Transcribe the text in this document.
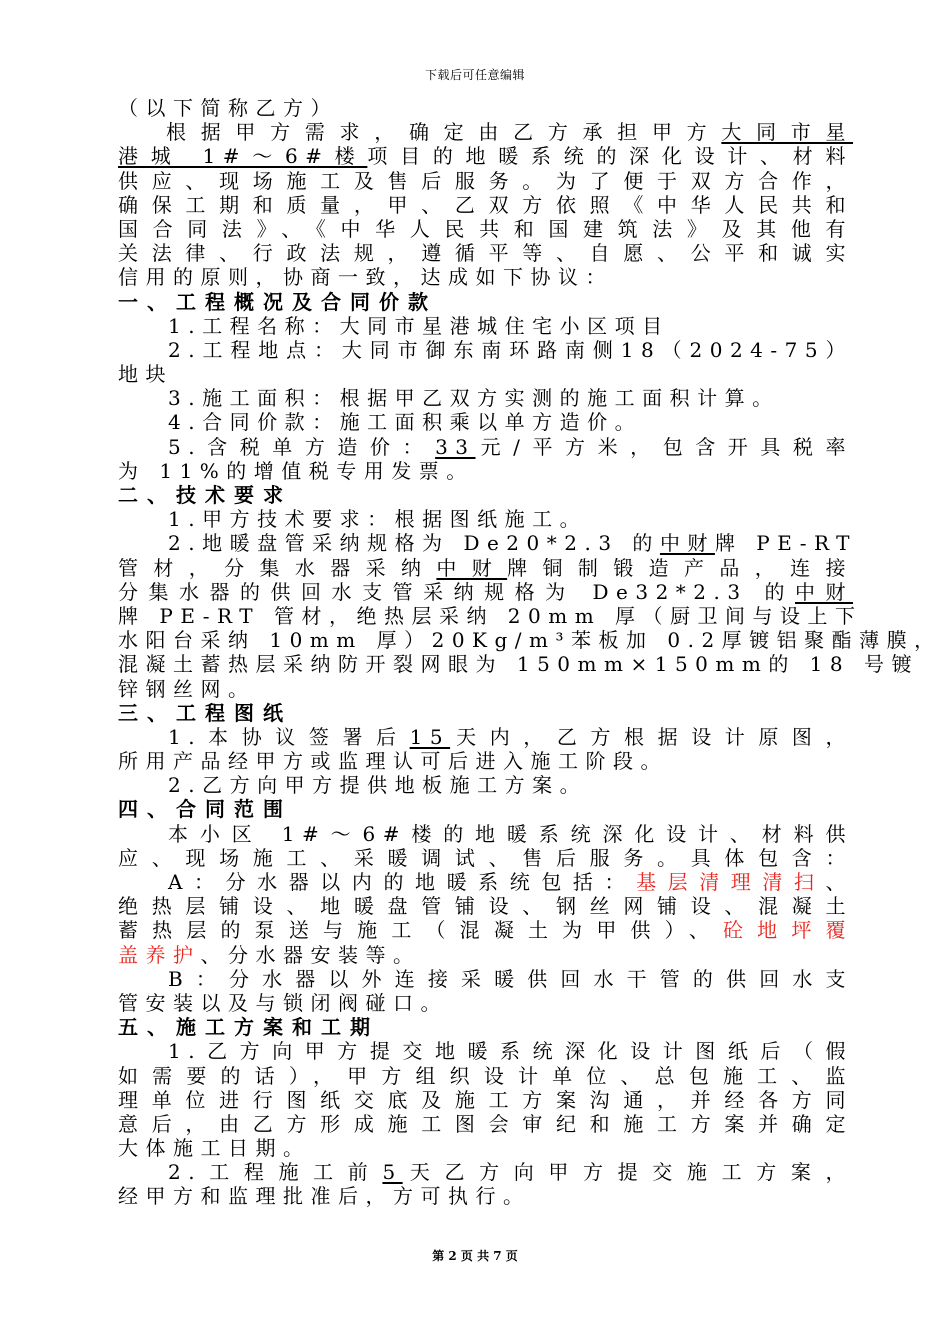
下载后可任意编辑
（以下简称乙方）
根据甲方需求，确定由乙方承担甲方大同市星
港城 1#～6#楼项目的地暖系统的深化设计、材料
供应、现场施工及售后服务。为了便于双方合作，
确保工期和质量，甲、乙双方依照《中华人民共和
国合同法》、《中华人民共和国建筑法》及其他有
关法律、行政法规，遵循平等、自愿、公平和诚实
信用的原则，协商一致，达成如下协议：
一、工程概况及合同价款
1.工程名称：大同市星港城住宅小区项目
2.工程地点：大同市御东南环路南侧18（2024-75）
地块
3.施工面积：根据甲乙双方实测的施工面积计算。
4.合同价款：施工面积乘以单方造价。
5.含税单方造价：33元/平方米，包含开具税率
为 11%的增值税专用发票。
二、技术要求
1.甲方技术要求：根据图纸施工。
2.地暖盘管采纳规格为 De20*2.3 的中财牌 PE-RT
管材，分集水器采纳中财牌铜制锻造产品，连接
分集水器的供回水支管采纳规格为 De32*2.3 的中财
牌 PE-RT 管材，绝热层采纳 20mm 厚（厨卫间与设上下
水阳台采纳 10mm 厚）20Kg/m³苯板加 0.2厚镀铝聚酯薄膜，
混凝土蓄热层采纳防开裂网眼为 150mm×150mm的 18 号镀
锌钢丝网。
三、工程图纸
1.本协议签署后15天内，乙方根据设计原图，
所用产品经甲方或监理认可后进入施工阶段。
2.乙方向甲方提供地板施工方案。
四、合同范围
本小区 1#～6#楼的地暖系统深化设计、材料供
应、现场施工、采暖调试、售后服务。具体包含：
A：分水器以内的地暖系统包括：基层清理清扫、
绝热层铺设、地暖盘管铺设、钢丝网铺设、混凝土
蓄热层的泵送与施工（混凝土为甲供）、砼地坪覆
盖养护、分水器安装等。
B：分水器以外连接采暖供回水干管的供回水支
管安装以及与锁闭阀碰口。
五、施工方案和工期
1.乙方向甲方提交地暖系统深化设计图纸后（假
如需要的话），甲方组织设计单位、总包施工、监
理单位进行图纸交底及施工方案沟通，并经各方同
意后，由乙方形成施工图会审纪和施工方案并确定
大体施工日期。
2.工程施工前5天乙方向甲方提交施工方案，
经甲方和监理批准后，方可执行。
第 2 页 共 7 页
